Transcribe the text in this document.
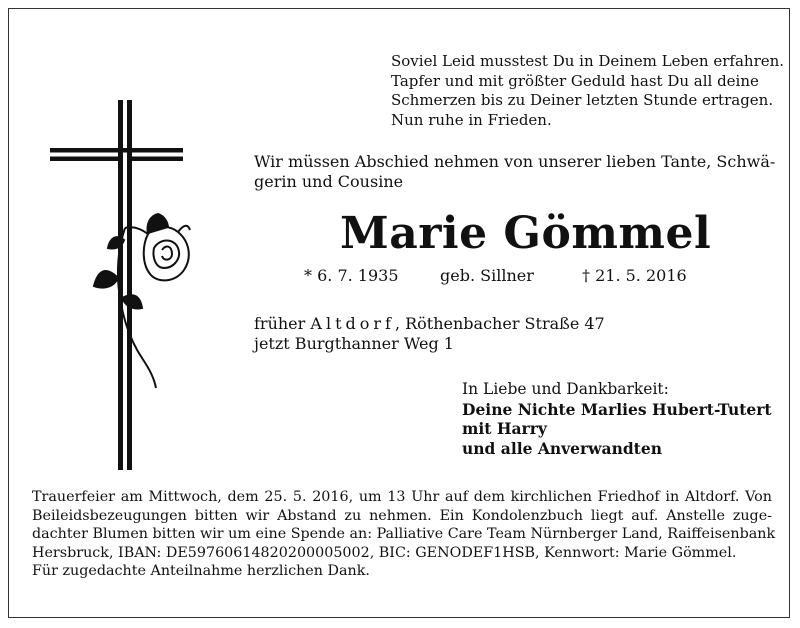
Soviel Leid musstest Du in Deinem Leben erfahren.
Tapfer und mit größter Geduld hast Du all deine
Schmerzen bis zu Deiner letzten Stunde ertragen.
Nun ruhe in Frieden.
Wir müssen Abschied nehmen von unserer lieben Tante, Schwä-
gerin und Cousine
Marie Gömmel
* 6. 7. 1935	geb. Sillner	† 21. 5. 2016
früher Altdorf, Röthenbacher Straße 47
jetzt Burgthanner Weg 1
In Liebe und Dankbarkeit:
Deine Nichte Marlies Hubert-Tutert
mit Harry
und alle Anverwandten
Trauerfeier am Mittwoch, dem 25. 5. 2016, um 13 Uhr auf dem kirchlichen Friedhof in Altdorf. Von
Beileidsbezeugungen bitten wir Abstand zu nehmen. Ein Kondolenzbuch liegt auf. Anstelle zuge-
dachter Blumen bitten wir um eine Spende an: Palliative Care Team Nürnberger Land, Raiffeisenbank
Hersbruck, IBAN: DE59760614820200005002, BIC: GENODEF1HSB, Kennwort: Marie Gömmel.
Für zugedachte Anteilnahme herzlichen Dank.
